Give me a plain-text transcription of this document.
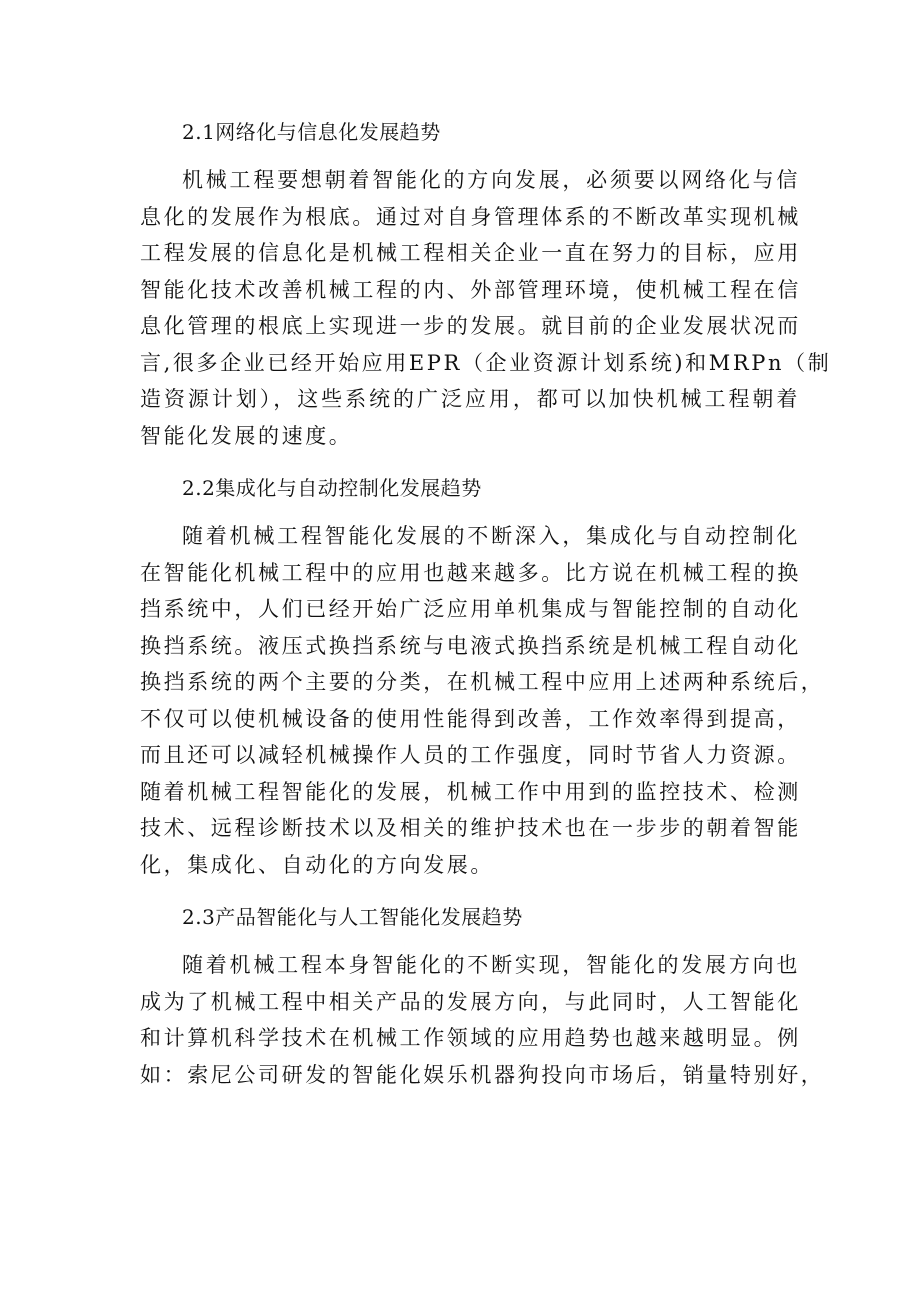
2.1网络化与信息化发展趋势
机械工程要想朝着智能化的方向发展，必须要以网络化与信
息化的发展作为根底。通过对自身管理体系的不断改革实现机械
工程发展的信息化是机械工程相关企业一直在努力的目标，应用
智能化技术改善机械工程的内、外部管理环境，使机械工程在信
息化管理的根底上实现进一步的发展。就目前的企业发展状况而
言,很多企业已经开始应用EPR（企业资源计划系统)和MRPn（制
造资源计划），这些系统的广泛应用，都可以加快机械工程朝着
智能化发展的速度。
2.2集成化与自动控制化发展趋势
随着机械工程智能化发展的不断深入，集成化与自动控制化
在智能化机械工程中的应用也越来越多。比方说在机械工程的换
挡系统中，人们已经开始广泛应用单机集成与智能控制的自动化
换挡系统。液压式换挡系统与电液式换挡系统是机械工程自动化
换挡系统的两个主要的分类，在机械工程中应用上述两种系统后，
不仅可以使机械设备的使用性能得到改善，工作效率得到提高，
而且还可以减轻机械操作人员的工作强度，同时节省人力资源。
随着机械工程智能化的发展，机械工作中用到的监控技术、检测
技术、远程诊断技术以及相关的维护技术也在一步步的朝着智能
化，集成化、自动化的方向发展。
2.3产品智能化与人工智能化发展趋势
随着机械工程本身智能化的不断实现，智能化的发展方向也
成为了机械工程中相关产品的发展方向，与此同时，人工智能化
和计算机科学技术在机械工作领域的应用趋势也越来越明显。例
如：索尼公司研发的智能化娱乐机器狗投向市场后，销量特别好，
